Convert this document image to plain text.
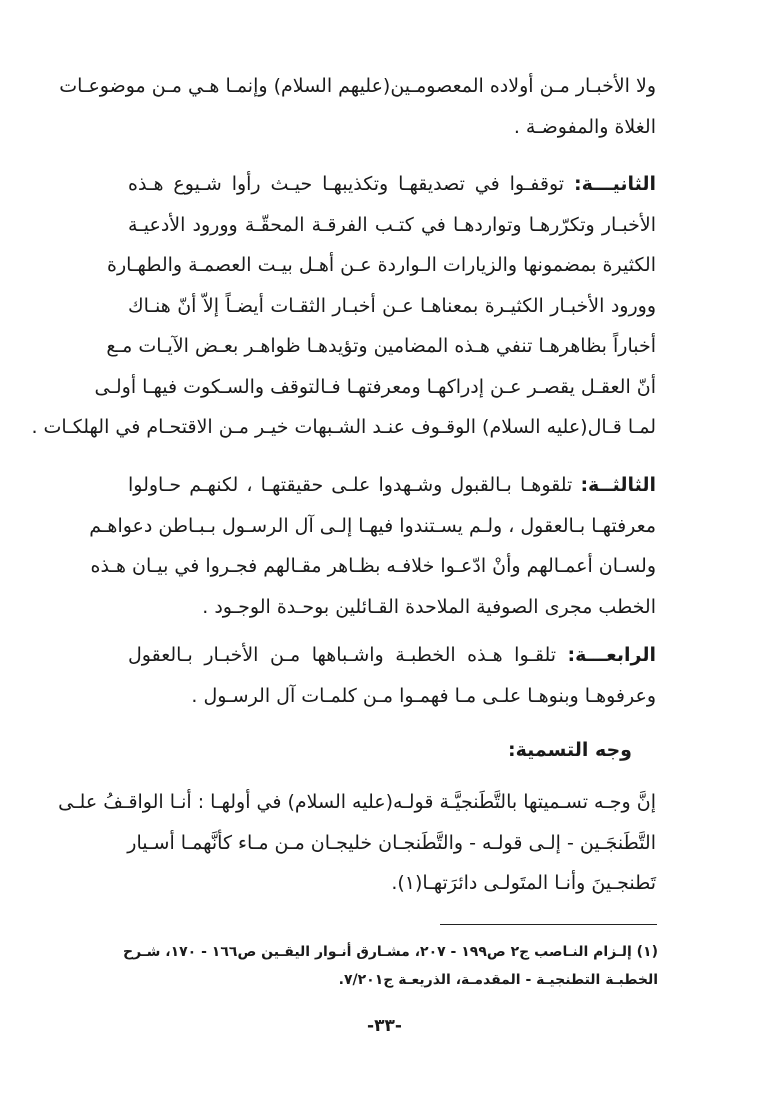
ولا الأخبـار مـن أولاده المعصومـين(عليهم السلام) وإنمـا هـي مـن موضوعـات
الغلاة والمفوضـة .
الثانيـــة: توقفـوا في تصديقهـا وتكذيبهـا حيـث رأوا شـيوع هـذه
الأخبـار وتكرّرهـا وتواردهـا في كتـب الفرقـة المحقّـة وورود الأدعيـة
الكثيرة بمضمونها والزيارات الـواردة عـن أهـل بيـت العصمـة والطهـارة
وورود الأخبـار الكثيـرة بمعناهـا عـن أخبـار الثقـات أيضـاً إلاّ أنّ هنـاك
أخباراً بظاهرهـا تنفي هـذه المضامين وتؤيدهـا ظواهـر بعـض الآيـات مـع
أنّ العقـل يقصـر عـن إدراكهـا ومعرفتهـا فـالتوقف والسـكوت فيهـا أولـى
لمـا قـال(عليه السلام) الوقـوف عنـد الشـبهات خيـر مـن الاقتحـام في الهلكـات .
الثالثــة: تلقوهـا بـالقبول وشـهدوا علـى حقيقتهـا ، لكنهـم حـاولوا
معرفتهـا بـالعقول ، ولـم يسـتندوا فيهـا إلـى آل الرسـول بـبـاطن دعواهـم
ولسـان أعمـالهم وأنْ ادّعـوا خلافـه بظـاهر مقـالهم فجـروا في بيـان هـذه
الخطب مجرى الصوفية الملاحدة القـائلين بوحـدة الوجـود .
الرابعـــة: تلقـوا هـذه الخطبـة واشـباهها مـن الأخبـار بـالعقول
وعرفوهـا وبنوهـا علـى مـا فهمـوا مـن كلمـات آل الرسـول .
وجه التسمية:
إنَّ وجـه تسـميتها بالتَّطَنجيَّـة قولـه(عليه السلام) في أولهـا : أنـا الواقـفُ علـى
التَّطَنجَـين - إلـى قولـه - والتَّطَنجـان خليجـان مـن مـاء كأنَّهمـا أسـيار
تَطنجـينَ وأنـا المتَولـى دائرَتهـا(١).
(١) إلـزام النـاصب ج٢ ص١٩٩ - ٢٠٧، مشـارق أنـوار اليقـين ص١٦٦ - ١٧٠، شـرح
الخطبـة التطنجيـة - المقدمـة، الذريعـة ج٧/٢٠١.
-٣٣-
